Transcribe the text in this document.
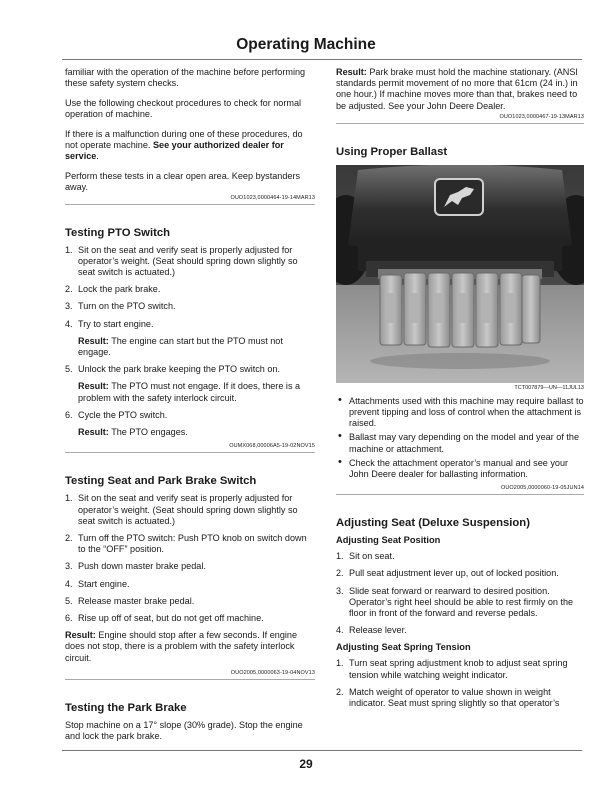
Operating Machine

familiar with the operation of the machine before performing these safety system checks.

Use the following checkout procedures to check for normal operation of machine.

If there is a malfunction during one of these procedures, do not operate machine. See your authorized dealer for service.

Perform these tests in a clear open area. Keep bystanders away.

OUO1023,0000464-19-14MAR13
Testing PTO Switch
1. Sit on the seat and verify seat is properly adjusted for operator’s weight. (Seat should spring down slightly so seat switch is actuated.)
2. Lock the park brake.
3. Turn on the PTO switch.
4. Try to start engine.
Result: The engine can start but the PTO must not engage.
5. Unlock the park brake keeping the PTO switch on.
Result: The PTO must not engage. If it does, there is a problem with the safety interlock circuit.
6. Cycle the PTO switch.
Result: The PTO engages.
OUMX068,00006A5-19-02NOV15
Testing Seat and Park Brake Switch
1. Sit on the seat and verify seat is properly adjusted for operator’s weight. (Seat should spring down slightly so seat switch is actuated.)
2. Turn off the PTO switch: Push PTO knob on switch down to the “OFF” position.
3. Push down master brake pedal.
4. Start engine.
5. Release master brake pedal.
6. Rise up off of seat, but do not get off machine.
Result: Engine should stop after a few seconds. If engine does not stop, there is a problem with the safety interlock circuit.
OUO2005,0000063-19-04NOV13
Testing the Park Brake

Stop machine on a 17° slope (30% grade). Stop the engine and lock the park brake.

Result: Park brake must hold the machine stationary. (ANSI standards permit movement of no more that 61cm (24 in.) in one hour.) If machine moves more than that, brakes need to be adjusted. See your John Deere Dealer.
OUO1023,0000467-19-13MAR13
Using Proper Ballast
TCT007879—UN—11JUL13
• Attachments used with this machine may require ballast to prevent tipping and loss of control when the attachment is raised.
• Ballast may vary depending on the model and year of the machine or attachment.
• Check the attachment operator’s manual and see your John Deere dealer for ballasting information.
OUO2005,0000060-19-05JUN14
Adjusting Seat (Deluxe Suspension)
Adjusting Seat Position
1. Sit on seat.
2. Pull seat adjustment lever up, out of locked position.
3. Slide seat forward or rearward to desired position. Operator’s right heel should be able to rest firmly on the floor in front of the forward and reverse pedals.
4. Release lever.
Adjusting Seat Spring Tension
1. Turn seat spring adjustment knob to adjust seat spring tension while watching weight indicator.
2. Match weight of operator to value shown in weight indicator. Seat must spring slightly so that operator’s
29
